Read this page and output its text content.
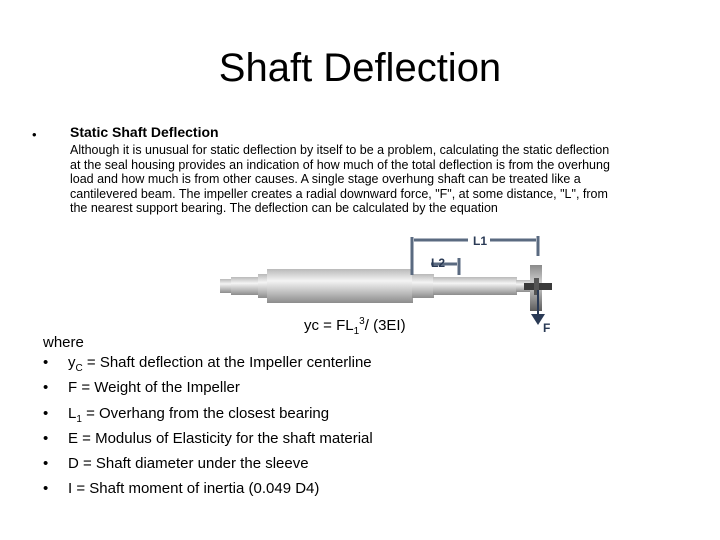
Shaft Deflection
• Static Shaft Deflection
Although it is unusual for static deflection by itself to be a problem, calculating the static deflection
at the seal housing provides an indication of how much of the total deflection is from the overhung
load and how much is from other causes. A single stage overhung shaft can be treated like a
cantilevered beam. The impeller creates a radial downward force, "F", at some distance, "L", from
the nearest support bearing. The deflection can be calculated by the equation
L1
L2
F
yc = $FL_1^3/$ (3EI)
where
• $y_C$ = Shaft deflection at the Impeller centerline
• F = Weight of the Impeller
• $L_1$ = Overhang from the closest bearing
• E = Modulus of Elasticity for the shaft material
• D = Shaft diameter under the sleeve
• I = Shaft moment of inertia (0.049 D4)
